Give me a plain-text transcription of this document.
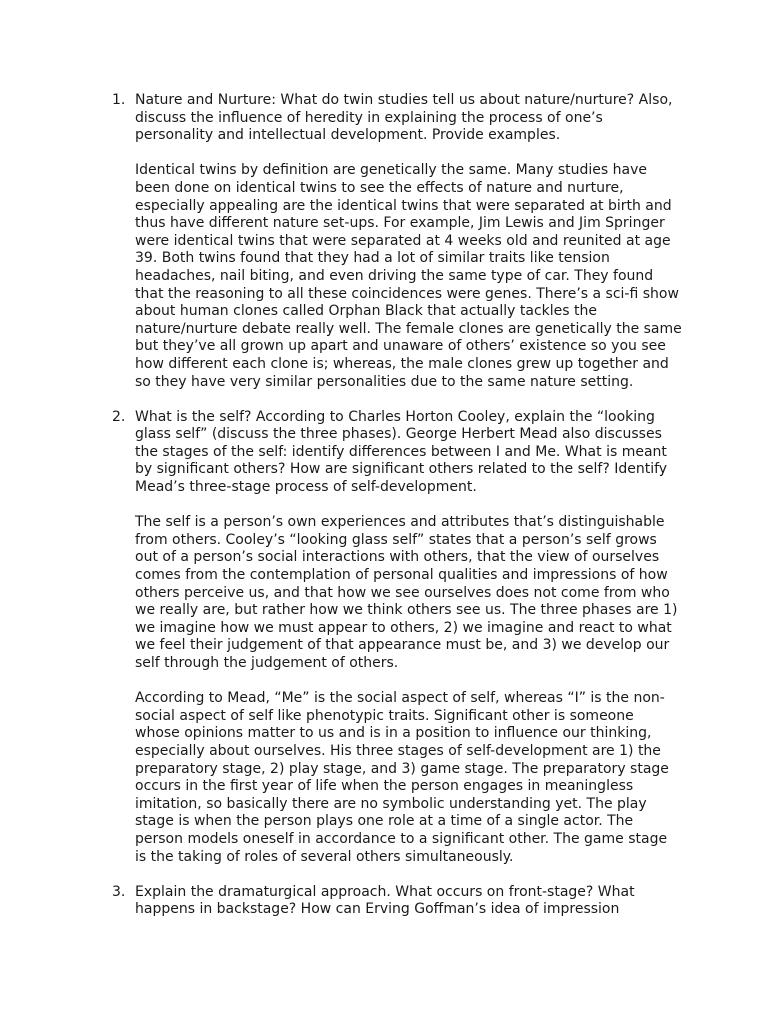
1. Nature and Nurture: What do twin studies tell us about nature/nurture? Also, discuss the influence of heredity in explaining the process of one’s personality and intellectual development. Provide examples.

Identical twins by definition are genetically the same. Many studies have been done on identical twins to see the effects of nature and nurture, especially appealing are the identical twins that were separated at birth and thus have different nature set-ups. For example, Jim Lewis and Jim Springer were identical twins that were separated at 4 weeks old and reunited at age 39. Both twins found that they had a lot of similar traits like tension headaches, nail biting, and even driving the same type of car. They found that the reasoning to all these coincidences were genes. There’s a sci-fi show about human clones called Orphan Black that actually tackles the nature/nurture debate really well. The female clones are genetically the same but they’ve all grown up apart and unaware of others’ existence so you see how different each clone is; whereas, the male clones grew up together and so they have very similar personalities due to the same nature setting.

2. What is the self? According to Charles Horton Cooley, explain the “looking glass self” (discuss the three phases). George Herbert Mead also discusses the stages of the self: identify differences between I and Me. What is meant by significant others? How are significant others related to the self? Identify Mead’s three-stage process of self-development.

The self is a person’s own experiences and attributes that’s distinguishable from others. Cooley’s “looking glass self” states that a person’s self grows out of a person’s social interactions with others, that the view of ourselves comes from the contemplation of personal qualities and impressions of how others perceive us, and that how we see ourselves does not come from who we really are, but rather how we think others see us. The three phases are 1) we imagine how we must appear to others, 2) we imagine and react to what we feel their judgement of that appearance must be, and 3) we develop our self through the judgement of others.

According to Mead, “Me” is the social aspect of self, whereas “I” is the non-social aspect of self like phenotypic traits. Significant other is someone whose opinions matter to us and is in a position to influence our thinking, especially about ourselves. His three stages of self-development are 1) the preparatory stage, 2) play stage, and 3) game stage. The preparatory stage occurs in the first year of life when the person engages in meaningless imitation, so basically there are no symbolic understanding yet. The play stage is when the person plays one role at a time of a single actor. The person models oneself in accordance to a significant other. The game stage is the taking of roles of several others simultaneously.

3. Explain the dramaturgical approach. What occurs on front-stage? What happens in backstage? How can Erving Goffman’s idea of impression
